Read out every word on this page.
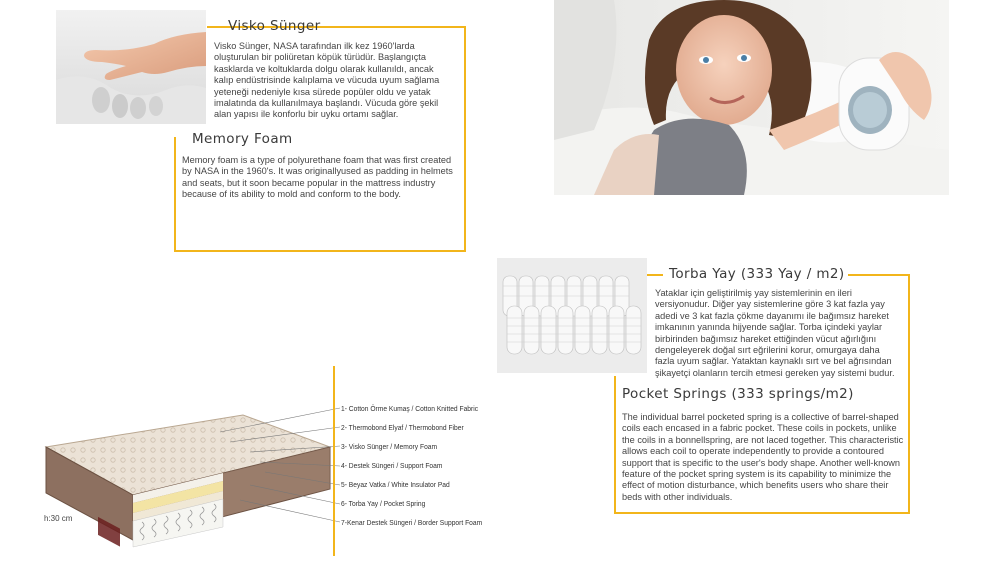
Visko Sünger
Visko Sünger, NASA tarafından ilk kez 1960'larda oluşturulan bir poliüretan köpük türüdür. Başlangıçta kasklarda ve koltuklarda dolgu olarak kullanıldı, ancak kalıp endüstrisinde kalıplama ve vücuda uyum sağlama yeteneği nedeniyle kısa sürede popüler oldu ve yatak imalatında da kullanılmaya başlandı. Vücuda göre şekil alan yapısı ile konforlu bir uyku ortamı sağlar.
Memory Foam
Memory foam is a type of polyurethane foam that was first created by NASA in the 1960's. It was originallyused as padding in helmets and seats, but it soon became popular in the mattress industry because of its ability to mold and conform to the body.
Torba Yay (333 Yay / m2)
Yataklar için geliştirilmiş yay sistemlerinin en ileri versiyonudur. Diğer yay sistemlerine göre 3 kat fazla yay adedi ve 3 kat fazla çökme dayanımı ile bağımsız hareket imkanının yanında hijyende sağlar. Torba içindeki yaylar birbirinden bağımsız hareket ettiğinden vücut ağırlığını dengeleyerek doğal sırt eğrilerini korur, omurgaya daha fazla uyum sağlar. Yataktan kaynaklı sırt ve bel ağrısından şikayetçi olanların tercih etmesi gereken yay sistemi budur.
Pocket Springs (333 springs/m2)
The individual barrel pocketed spring is a collective of barrel-shaped coils each encased in a fabric pocket. These coils in pockets, unlike the coils in a bonnellspring, are not laced together. This characteristic allows each coil to operate independently to provide a contoured support that is specific to the user's body shape. Another well-known feature of the pocket spring system is its capability to minimize the effect of motion disturbance, which benefits users who share their beds with other individuals.
h:30 cm
1- Cotton Örme Kumaş / Cotton Knitted Fabric
2- Thermobond Elyaf / Thermobond Fiber
3- Visko Sünger / Memory Foam
4- Destek Süngeri / Support Foam
5- Beyaz Vatka / White Insulator Pad
6- Torba Yay / Pocket Spring
7-Kenar Destek Süngeri / Border Support Foam
